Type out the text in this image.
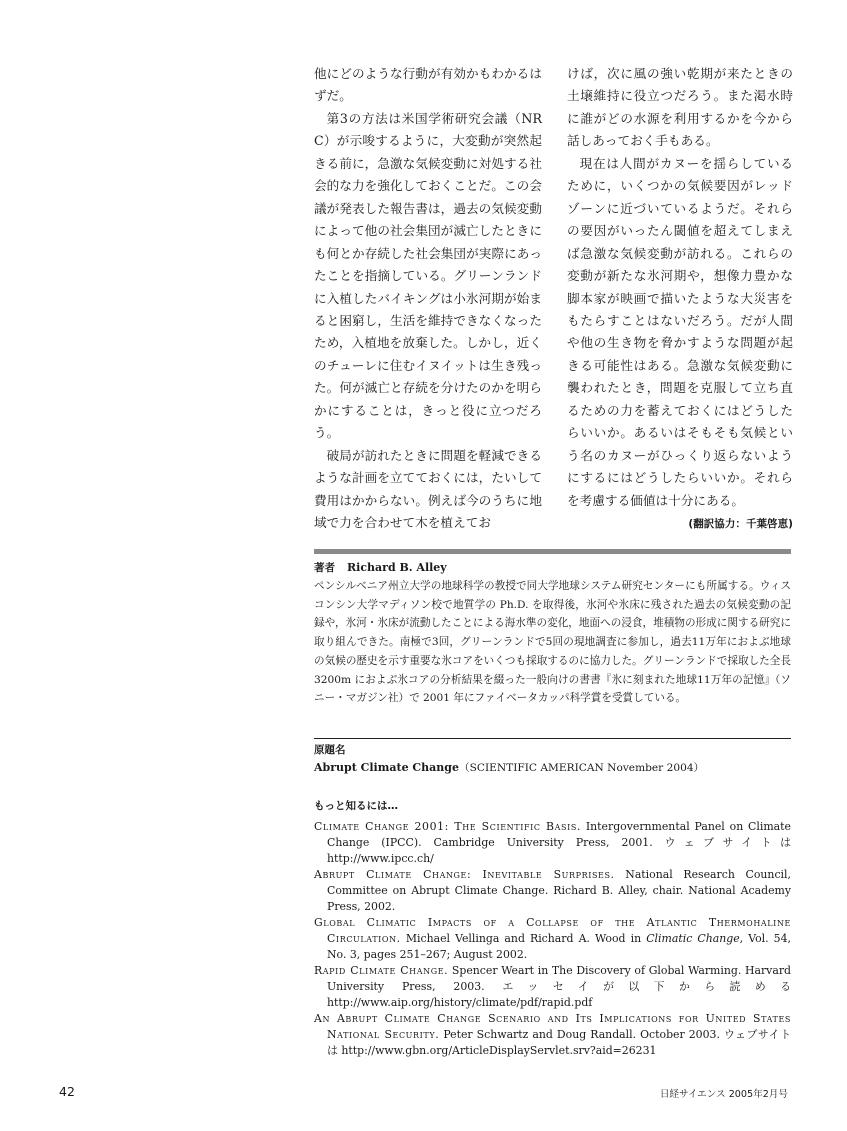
他にどのような行動が有効かもわかるはずだ。

第3の方法は米国学術研究会議（NRC）が示唆するように，大変動が突然起きる前に，急激な気候変動に対処する社会的な力を強化しておくことだ。この会議が発表した報告書は，過去の気候変動によって他の社会集団が滅亡したときにも何とか存続した社会集団が実際にあったことを指摘している。グリーンランドに入植したバイキングは小氷河期が始まると困窮し，生活を維持できなくなったため，入植地を放棄した。しかし，近くのチューレに住むイヌイットは生き残った。何が滅亡と存続を分けたのかを明らかにすることは，きっと役に立つだろう。

破局が訪れたときに問題を軽減できるような計画を立てておくには，たいして費用はかからない。例えば今のうちに地域で力を合わせて木を植えてお

けば，次に風の強い乾期が来たときの土壌維持に役立つだろう。また渇水時に誰がどの水源を利用するかを今から話しあっておく手もある。

現在は人間がカヌーを揺らしているために，いくつかの気候要因がレッドゾーンに近づいているようだ。それらの要因がいったん閾値を超えてしまえば急激な気候変動が訪れる。これらの変動が新たな氷河期や，想像力豊かな脚本家が映画で描いたような大災害をもたらすことはないだろう。だが人間や他の生き物を脅かすような問題が起きる可能性はある。急激な気候変動に襲われたとき，問題を克服して立ち直るための力を蓄えておくにはどうしたらいいか。あるいはそもそも気候という名のカヌーがひっくり返らないようにするにはどうしたらいいか。それらを考慮する価値は十分にある。

(翻訳協力：千葉啓恵)
著者 Richard B. Alley
ペンシルベニア州立大学の地球科学の教授で同大学地球システム研究センターにも所属する。ウィスコンシン大学マディソン校で地質学の Ph.D. を取得後，氷河や氷床に残された過去の気候変動の記録や，氷河・氷床が流動したことによる海水準の変化，地面への浸食，堆積物の形成に関する研究に取り組んできた。南極で3回，グリーンランドで5回の現地調査に参加し，過去11万年におよぶ地球の気候の歴史を示す重要な氷コアをいくつも採取するのに協力した。グリーンランドで採取した全長 3200m におよぶ氷コアの分析結果を綴った一般向けの書書『氷に刻まれた地球11万年の記憶』（ソニー・マガジン社）で 2001 年にファイベータカッパ科学賞を受賞している。
原題名
Abrupt Climate Change（SCIENTIFIC AMERICAN November 2004）
もっと知るには…
Climate Change 2001: The Scientific Basis. Intergovernmental Panel on Climate Change (IPCC). Cambridge University Press, 2001. ウェブサイトは http://www.ipcc.ch/
Abrupt Climate Change: Inevitable Surprises. National Research Council, Committee on Abrupt Climate Change. Richard B. Alley, chair. National Academy Press, 2002.
Global Climatic Impacts of a Collapse of the Atlantic Thermohaline Circulation. Michael Vellinga and Richard A. Wood in Climatic Change, Vol. 54, No. 3, pages 251–267; August 2002.
Rapid Climate Change. Spencer Weart in The Discovery of Global Warming. Harvard University Press, 2003. エッセイが以下から読める http://www.aip.org/history/climate/pdf/rapid.pdf
An Abrupt Climate Change Scenario and Its Implications for United States National Security. Peter Schwartz and Doug Randall. October 2003. ウェブサイトは http://www.gbn.org/ArticleDisplayServlet.srv?aid=26231
42	日経サイエンス 2005年2月号
